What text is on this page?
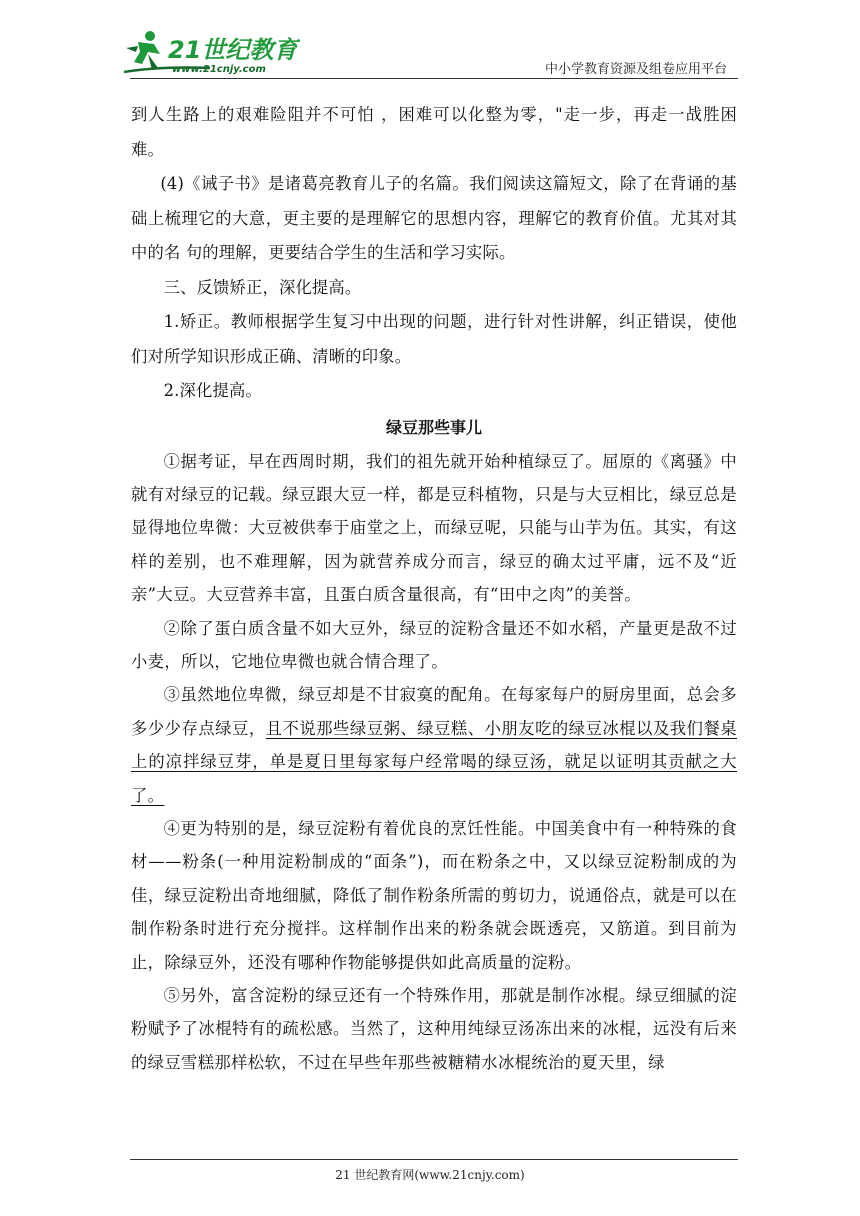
21世纪教育
www.21cnjy.com	中小学教育资源及组卷应用平台

到人生路上的艰难险阻并不可怕 ，困难可以化整为零，"走一步，再走一战胜困难。

(4)《诫子书》是诸葛亮教育儿子的名篇。我们阅读这篇短文，除了在背诵的基础上梳理它的大意，更主要的是理解它的思想内容，理解它的教育价值。尤其对其中的名 句的理解，更要结合学生的生活和学习实际。

三、反馈矫正，深化提高。

1.矫正。教师根据学生复习中出现的问题，进行针对性讲解，纠正错误，使他们对所学知识形成正确、清晰的印象。

2.深化提高。

绿豆那些事儿

①据考证，早在西周时期，我们的祖先就开始种植绿豆了。屈原的《离骚》中就有对绿豆的记载。绿豆跟大豆一样，都是豆科植物，只是与大豆相比，绿豆总是显得地位卑微：大豆被供奉于庙堂之上，而绿豆呢，只能与山芋为伍。其实，有这样的差别，也不难理解，因为就营养成分而言，绿豆的确太过平庸，远不及“近亲”大豆。大豆营养丰富，且蛋白质含量很高，有“田中之肉”的美誉。

②除了蛋白质含量不如大豆外，绿豆的淀粉含量还不如水稻，产量更是敌不过小麦，所以，它地位卑微也就合情合理了。

③虽然地位卑微，绿豆却是不甘寂寞的配角。在每家每户的厨房里面，总会多多少少存点绿豆，且不说那些绿豆粥、绿豆糕、小朋友吃的绿豆冰棍以及我们餐桌上的凉拌绿豆芽，单是夏日里每家每户经常喝的绿豆汤，就足以证明其贡献之大了。

④更为特别的是，绿豆淀粉有着优良的烹饪性能。中国美食中有一种特殊的食材——粉条(一种用淀粉制成的“面条”)，而在粉条之中，又以绿豆淀粉制成的为佳，绿豆淀粉出奇地细腻，降低了制作粉条所需的剪切力，说通俗点，就是可以在制作粉条时进行充分搅拌。这样制作出来的粉条就会既透亮，又筋道。到目前为止，除绿豆外，还没有哪种作物能够提供如此高质量的淀粉。

⑤另外，富含淀粉的绿豆还有一个特殊作用，那就是制作冰棍。绿豆细腻的淀粉赋予了冰棍特有的疏松感。当然了，这种用纯绿豆汤冻出来的冰棍，远没有后来的绿豆雪糕那样松软，不过在早些年那些被糖精水冰棍统治的夏天里，绿

21 世纪教育网(www.21cnjy.com)
